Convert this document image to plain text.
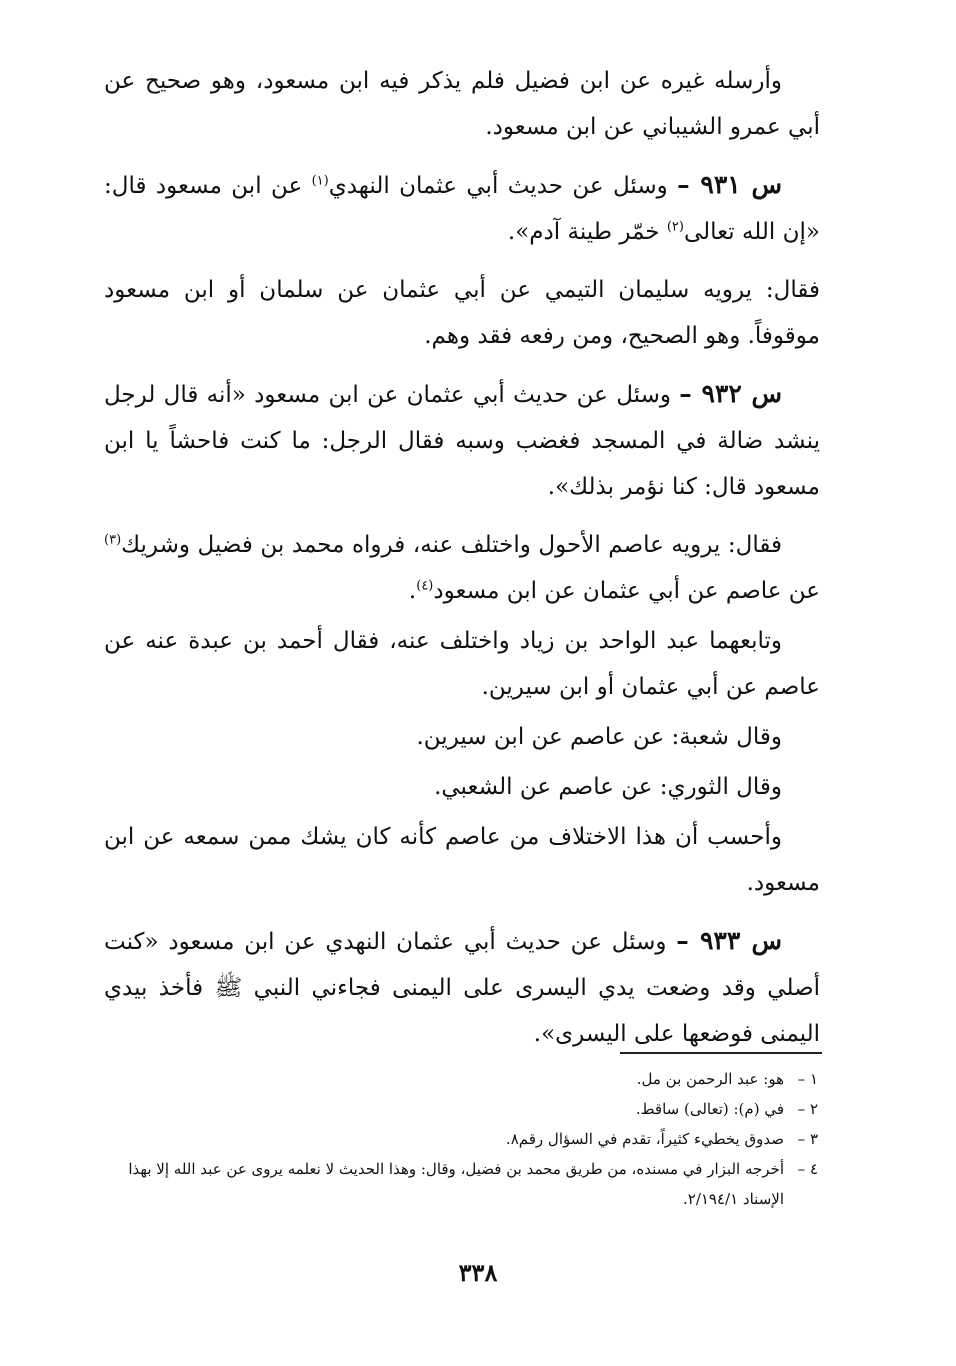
وأرسله غيره عن ابن فضيل فلم يذكر فيه ابن مسعود، وهو صحيح عن أبي عمرو الشيباني عن ابن مسعود.

س ٩٣١ – وسئل عن حديث أبي عثمان النهدي$^{(١)}$ عن ابن مسعود قال: «إن الله تعالى$^{(٢)}$ خمّر طينة آدم».

فقال: يرويه سليمان التيمي عن أبي عثمان عن سلمان أو ابن مسعود موقوفاً. وهو الصحيح، ومن رفعه فقد وهم.

س ٩٣٢ – وسئل عن حديث أبي عثمان عن ابن مسعود «أنه قال لرجل ينشد ضالة في المسجد فغضب وسبه فقال الرجل: ما كنت فاحشاً يا ابن مسعود قال: كنا نؤمر بذلك».

فقال: يرويه عاصم الأحول واختلف عنه، فرواه محمد بن فضيل وشريك$^{(٣)}$ عن عاصم عن أبي عثمان عن ابن مسعود$^{(٤)}$.

وتابعهما عبد الواحد بن زياد واختلف عنه، فقال أحمد بن عبدة عنه عن عاصم عن أبي عثمان أو ابن سيرين.

وقال شعبة: عن عاصم عن ابن سيرين.

وقال الثوري: عن عاصم عن الشعبي.

وأحسب أن هذا الاختلاف من عاصم كأنه كان يشك ممن سمعه عن ابن مسعود.

س ٩٣٣ – وسئل عن حديث أبي عثمان النهدي عن ابن مسعود «كنت أصلي وقد وضعت يدي اليسرى على اليمنى فجاءني النبي ﷺ فأخذ بيدي اليمنى فوضعها على اليسرى».

١ –
هو: عبد الرحمن بن مل.

٢ –
في (م): (تعالى) ساقط.

٣ –
صدوق يخطيء كثيراً، تقدم في السؤال رقم٨.

٤ –
أخرجه البزار في مسنده، من طريق محمد بن فضيل، وقال: وهذا الحديث لا نعلمه يروى عن عبد الله إلا بهذا الإسناد ٢/١٩٤/١.

٣٣٨
